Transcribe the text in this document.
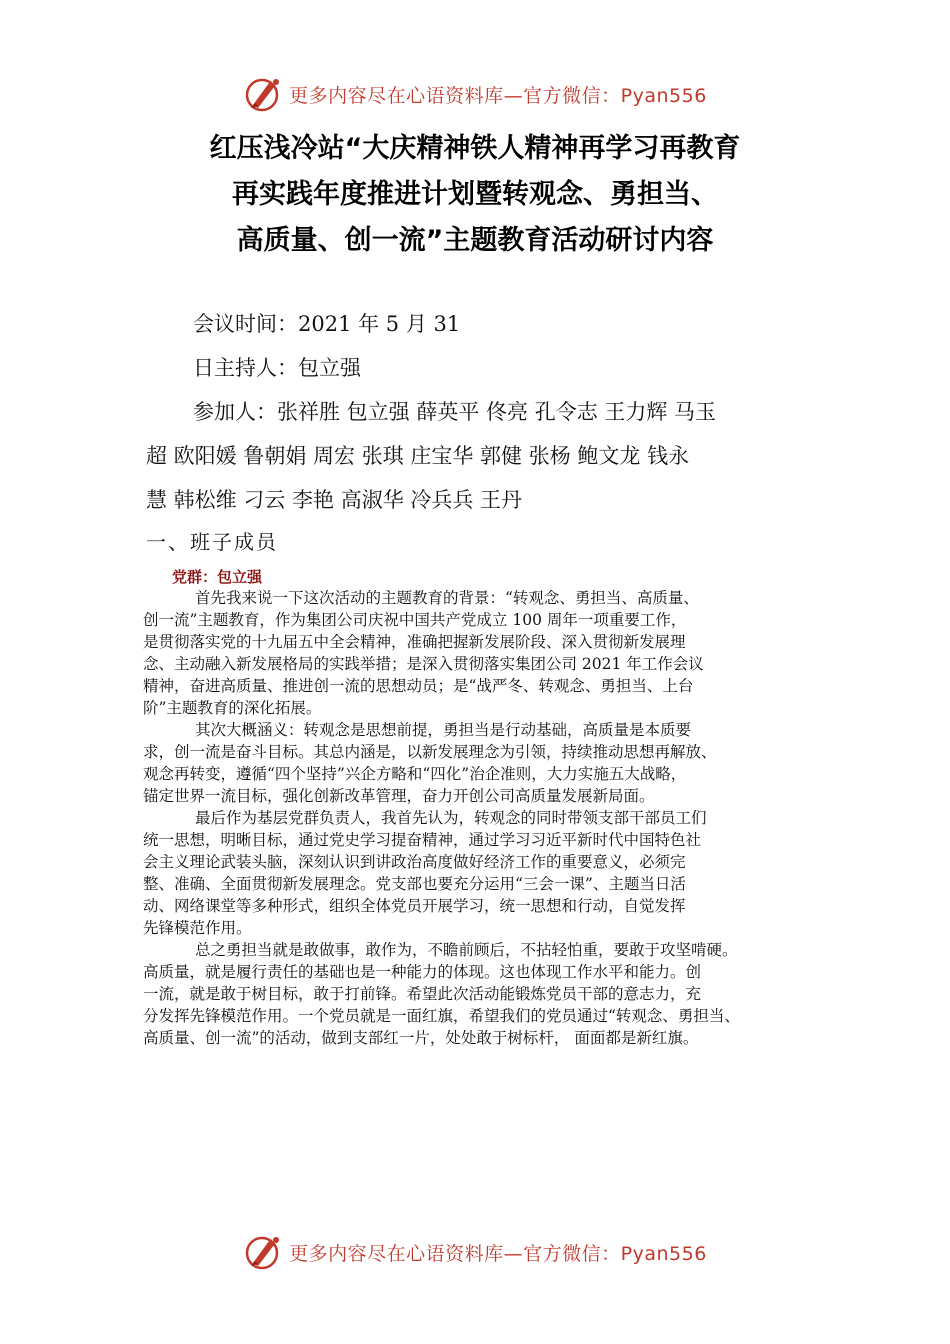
更多内容尽在心语资料库—官方微信：Pyan556
红压浅冷站“大庆精神铁人精神再学习再教育
再实践年度推进计划暨转观念、勇担当、
高质量、创一流”主题教育活动研讨内容
会议时间：2021 年 5 月 31
日主持人：包立强
参加人：张祥胜 包立强 薛英平 佟亮 孔令志 王力辉 马玉
超 欧阳媛 鲁朝娟 周宏 张琪 庄宝华 郭健 张杨 鲍文龙 钱永
慧 韩松维 刁云 李艳 高淑华 冷兵兵 王丹
一、班子成员
党群：包立强
首先我来说一下这次活动的主题教育的背景：“转观念、勇担当、高质量、
创一流”主题教育，作为集团公司庆祝中国共产党成立 100 周年一项重要工作，
是贯彻落实党的十九届五中全会精神，准确把握新发展阶段、深入贯彻新发展理
念、主动融入新发展格局的实践举措；是深入贯彻落实集团公司 2021 年工作会议
精神，奋进高质量、推进创一流的思想动员；是“战严冬、转观念、勇担当、上台
阶”主题教育的深化拓展。
其次大概涵义：转观念是思想前提，勇担当是行动基础，高质量是本质要
求，创一流是奋斗目标。其总内涵是，以新发展理念为引领，持续推动思想再解放、
观念再转变，遵循“四个坚持”兴企方略和“四化”治企准则，大力实施五大战略，
锚定世界一流目标，强化创新改革管理，奋力开创公司高质量发展新局面。
最后作为基层党群负责人，我首先认为，转观念的同时带领支部干部员工们
统一思想，明晰目标，通过党史学习提奋精神，通过学习习近平新时代中国特色社
会主义理论武装头脑，深刻认识到讲政治高度做好经济工作的重要意义，必须完
整、准确、全面贯彻新发展理念。党支部也要充分运用“三会一课”、主题当日活
动、网络课堂等多种形式，组织全体党员开展学习，统一思想和行动，自觉发挥
先锋模范作用。
总之勇担当就是敢做事，敢作为，不瞻前顾后，不拈轻怕重，要敢于攻坚啃硬。
高质量，就是履行责任的基础也是一种能力的体现。这也体现工作水平和能力。创
一流，就是敢于树目标，敢于打前锋。希望此次活动能锻炼党员干部的意志力，充
分发挥先锋模范作用。一个党员就是一面红旗，希望我们的党员通过“转观念、勇担当、
高质量、创一流”的活动，做到支部红一片，处处敢于树标杆， 面面都是新红旗。
更多内容尽在心语资料库—官方微信：Pyan556
